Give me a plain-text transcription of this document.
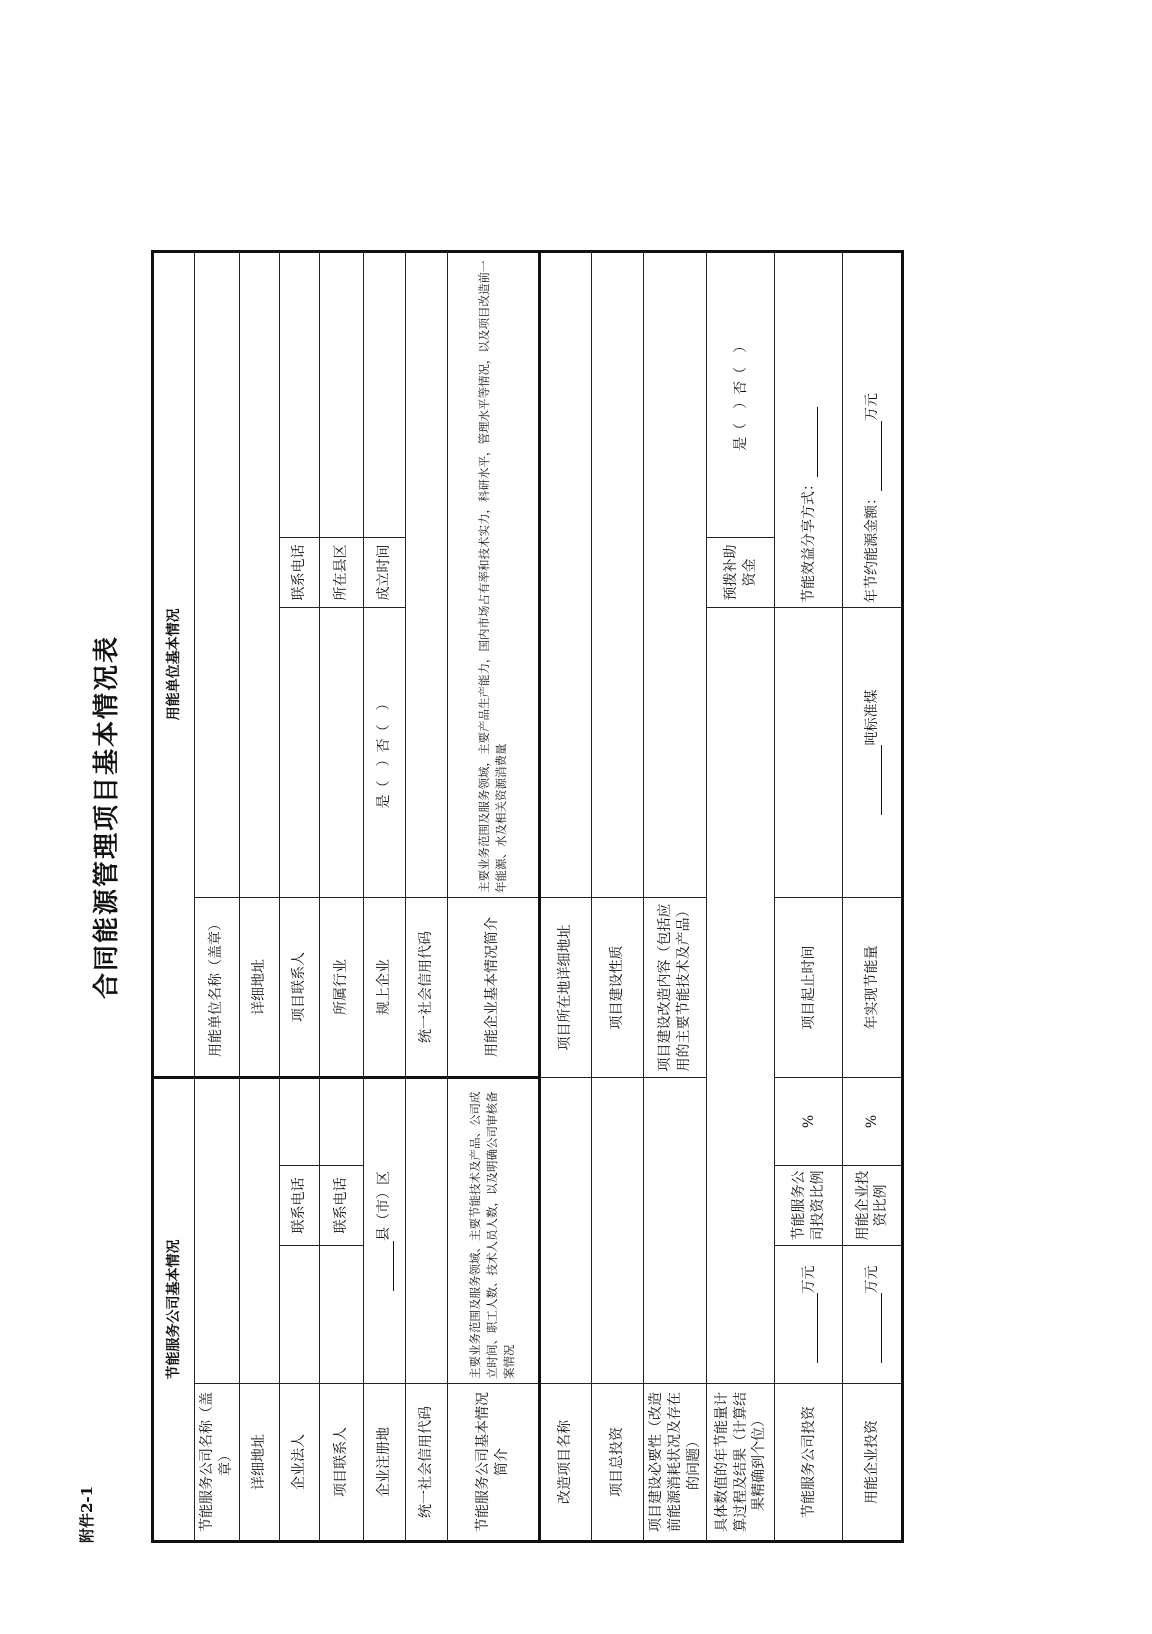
附件2-1
合同能源管理项目基本情况表
节能服务公司基本情况				用能单位基本情况			
节能服务公司名称（盖章）				用能单位名称（盖章）			
详细地址				详细地址			
企业法人		联系电话		项目联系人		联系电话	
项目联系人		联系电话		所属行业		所在县区	
企业注册地	县（市）区			规上企业	是（　）否（　）	成立时间	
统一社会信用代码				统一社会信用代码			
节能服务公司基本情况简介	主要业务范围及服务领域、主要节能技术及产品、公司成立时间、职工人数、技术人员人数，以及明确公司审核备案情况			用能企业基本情况简介	主要业务范围及服务领域，主要产品生产能力，国内市场占有率和技术实力，科研水平，管理水平等情况，以及项目改造前一年能源、水及相关资源消费量		
改造项目名称				项目所在地详细地址			
项目总投资				项目建设性质			
项目建设必要性（改造前能源消耗状况及存在的问题）				项目建设改造内容（包括应用的主要节能技术及产品）			
具体数值的年节能量计算过程及结果（计算结果精确到个位）						预拨补助资金	是（　）否（　）
节能服务公司投资	万元	节能服务公司投资比例	%	项目起止时间		节能效益分享方式：	
用能企业投资	万元	用能企业投资比例	%	年实现节能量	吨标准煤	年节约能源金额：万元	
